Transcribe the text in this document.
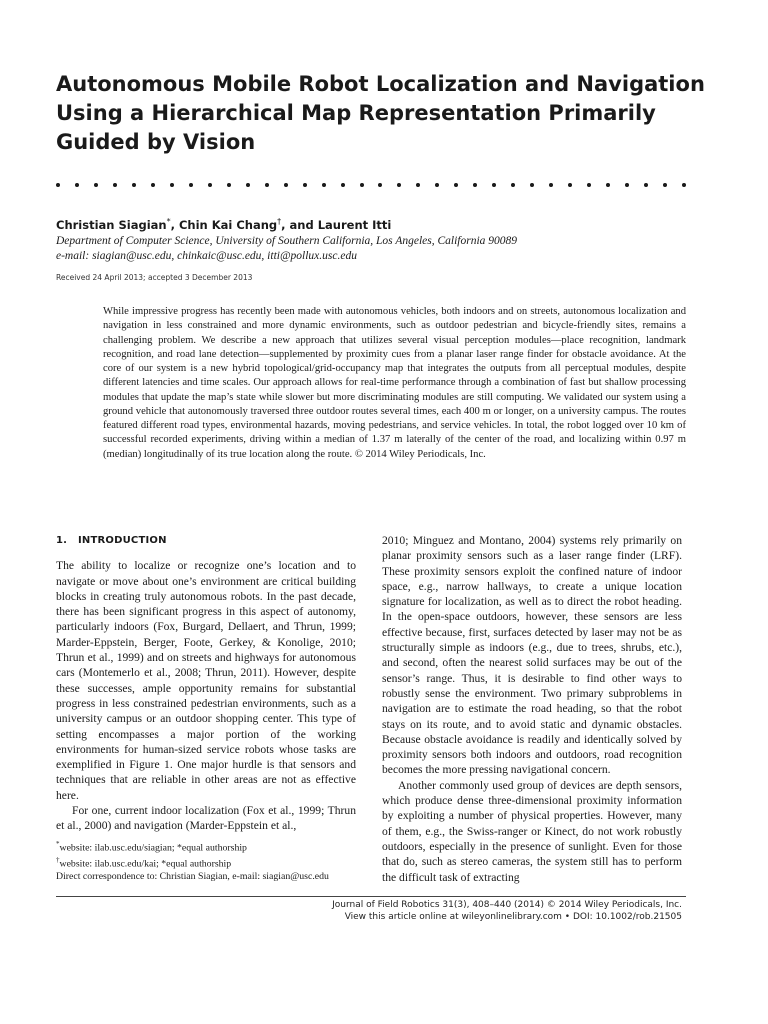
Autonomous Mobile Robot Localization and Navigation
Using a Hierarchical Map Representation Primarily
Guided by Vision
Christian Siagian*, Chin Kai Chang†, and Laurent Itti
Department of Computer Science, University of Southern California, Los Angeles, California 90089
e-mail: siagian@usc.edu, chinkaic@usc.edu, itti@pollux.usc.edu
Received 24 April 2013; accepted 3 December 2013

While impressive progress has recently been made with autonomous vehicles, both indoors and on streets, autonomous localization and navigation in less constrained and more dynamic environments, such as outdoor pedestrian and bicycle-friendly sites, remains a challenging problem. We describe a new approach that utilizes several visual perception modules—place recognition, landmark recognition, and road lane detection—supplemented by proximity cues from a planar laser range finder for obstacle avoidance. At the core of our system is a new hybrid topological/grid-occupancy map that integrates the outputs from all perceptual modules, despite different latencies and time scales. Our approach allows for real-time performance through a combination of fast but shallow processing modules that update the map’s state while slower but more discriminating modules are still computing. We validated our system using a ground vehicle that autonomously traversed three outdoor routes several times, each 400 m or longer, on a university campus. The routes featured different road types, environmental hazards, moving pedestrians, and service vehicles. In total, the robot logged over 10 km of successful recorded experiments, driving within a median of 1.37 m laterally of the center of the road, and localizing within 0.97 m (median) longitudinally of its true location along the route. © 2014 Wiley Periodicals, Inc.

1. INTRODUCTION

The ability to localize or recognize one’s location and to navigate or move about one’s environment are critical building blocks in creating truly autonomous robots. In the past decade, there has been significant progress in this aspect of autonomy, particularly indoors (Fox, Burgard, Dellaert, and Thrun, 1999; Marder-Eppstein, Berger, Foote, Gerkey, & Konolige, 2010; Thrun et al., 1999) and on streets and highways for autonomous cars (Montemerlo et al., 2008; Thrun, 2011). However, despite these successes, ample opportunity remains for substantial progress in less constrained pedestrian environments, such as a university campus or an outdoor shopping center. This type of setting encompasses a major portion of the working environments for human-sized service robots whose tasks are exemplified in Figure 1. One major hurdle is that sensors and techniques that are reliable in other areas are not as effective here.

For one, current indoor localization (Fox et al., 1999; Thrun et al., 2000) and navigation (Marder-Eppstein et al.,

2010; Minguez and Montano, 2004) systems rely primarily on planar proximity sensors such as a laser range finder (LRF). These proximity sensors exploit the confined nature of indoor space, e.g., narrow hallways, to create a unique location signature for localization, as well as to direct the robot heading. In the open-space outdoors, however, these sensors are less effective because, first, surfaces detected by laser may not be as structurally simple as indoors (e.g., due to trees, shrubs, etc.), and second, often the nearest solid surfaces may be out of the sensor’s range. Thus, it is desirable to find other ways to robustly sense the environment. Two primary subproblems in navigation are to estimate the road heading, so that the robot stays on its route, and to avoid static and dynamic obstacles. Because obstacle avoidance is readily and identically solved by proximity sensors both indoors and outdoors, road recognition becomes the more pressing navigational concern.

Another commonly used group of devices are depth sensors, which produce dense three-dimensional proximity information by exploiting a number of physical properties. However, many of them, e.g., the Swiss-ranger or Kinect, do not work robustly outdoors, especially in the presence of sunlight. Even for those that do, such as stereo cameras, the system still has to perform the difficult task of extracting

*website: ilab.usc.edu/siagian; *equal authorship
†website: ilab.usc.edu/kai; *equal authorship
Direct correspondence to: Christian Siagian, e-mail: siagian@usc.edu
Journal of Field Robotics 31(3), 408–440 (2014) © 2014 Wiley Periodicals, Inc.
View this article online at wileyonlinelibrary.com • DOI: 10.1002/rob.21505
